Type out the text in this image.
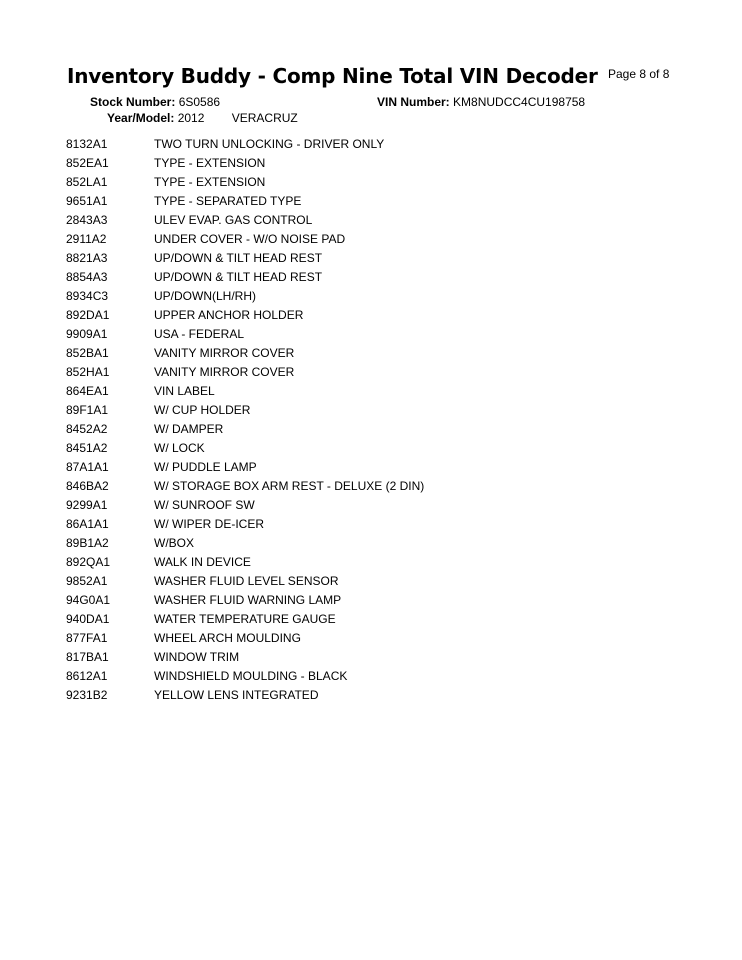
Inventory Buddy - Comp Nine Total VIN Decoder Page 8 of 8
Stock Number: 6S0586	VIN Number: KM8NUDCC4CU198758
Year/Model: 2012 VERACRUZ
8132A1	TWO TURN UNLOCKING - DRIVER ONLY
852EA1	TYPE - EXTENSION
852LA1	TYPE - EXTENSION
9651A1	TYPE - SEPARATED TYPE
2843A3	ULEV EVAP. GAS CONTROL
2911A2	UNDER COVER - W/O NOISE PAD
8821A3	UP/DOWN & TILT HEAD REST
8854A3	UP/DOWN & TILT HEAD REST
8934C3	UP/DOWN(LH/RH)
892DA1	UPPER ANCHOR HOLDER
9909A1	USA - FEDERAL
852BA1	VANITY MIRROR COVER
852HA1	VANITY MIRROR COVER
864EA1	VIN LABEL
89F1A1	W/ CUP HOLDER
8452A2	W/ DAMPER
8451A2	W/ LOCK
87A1A1	W/ PUDDLE LAMP
846BA2	W/ STORAGE BOX ARM REST - DELUXE (2 DIN)
9299A1	W/ SUNROOF SW
86A1A1	W/ WIPER DE-ICER
89B1A2	W/BOX
892QA1	WALK IN DEVICE
9852A1	WASHER FLUID LEVEL SENSOR
94G0A1	WASHER FLUID WARNING LAMP
940DA1	WATER TEMPERATURE GAUGE
877FA1	WHEEL ARCH MOULDING
817BA1	WINDOW TRIM
8612A1	WINDSHIELD MOULDING - BLACK
9231B2	YELLOW LENS INTEGRATED
